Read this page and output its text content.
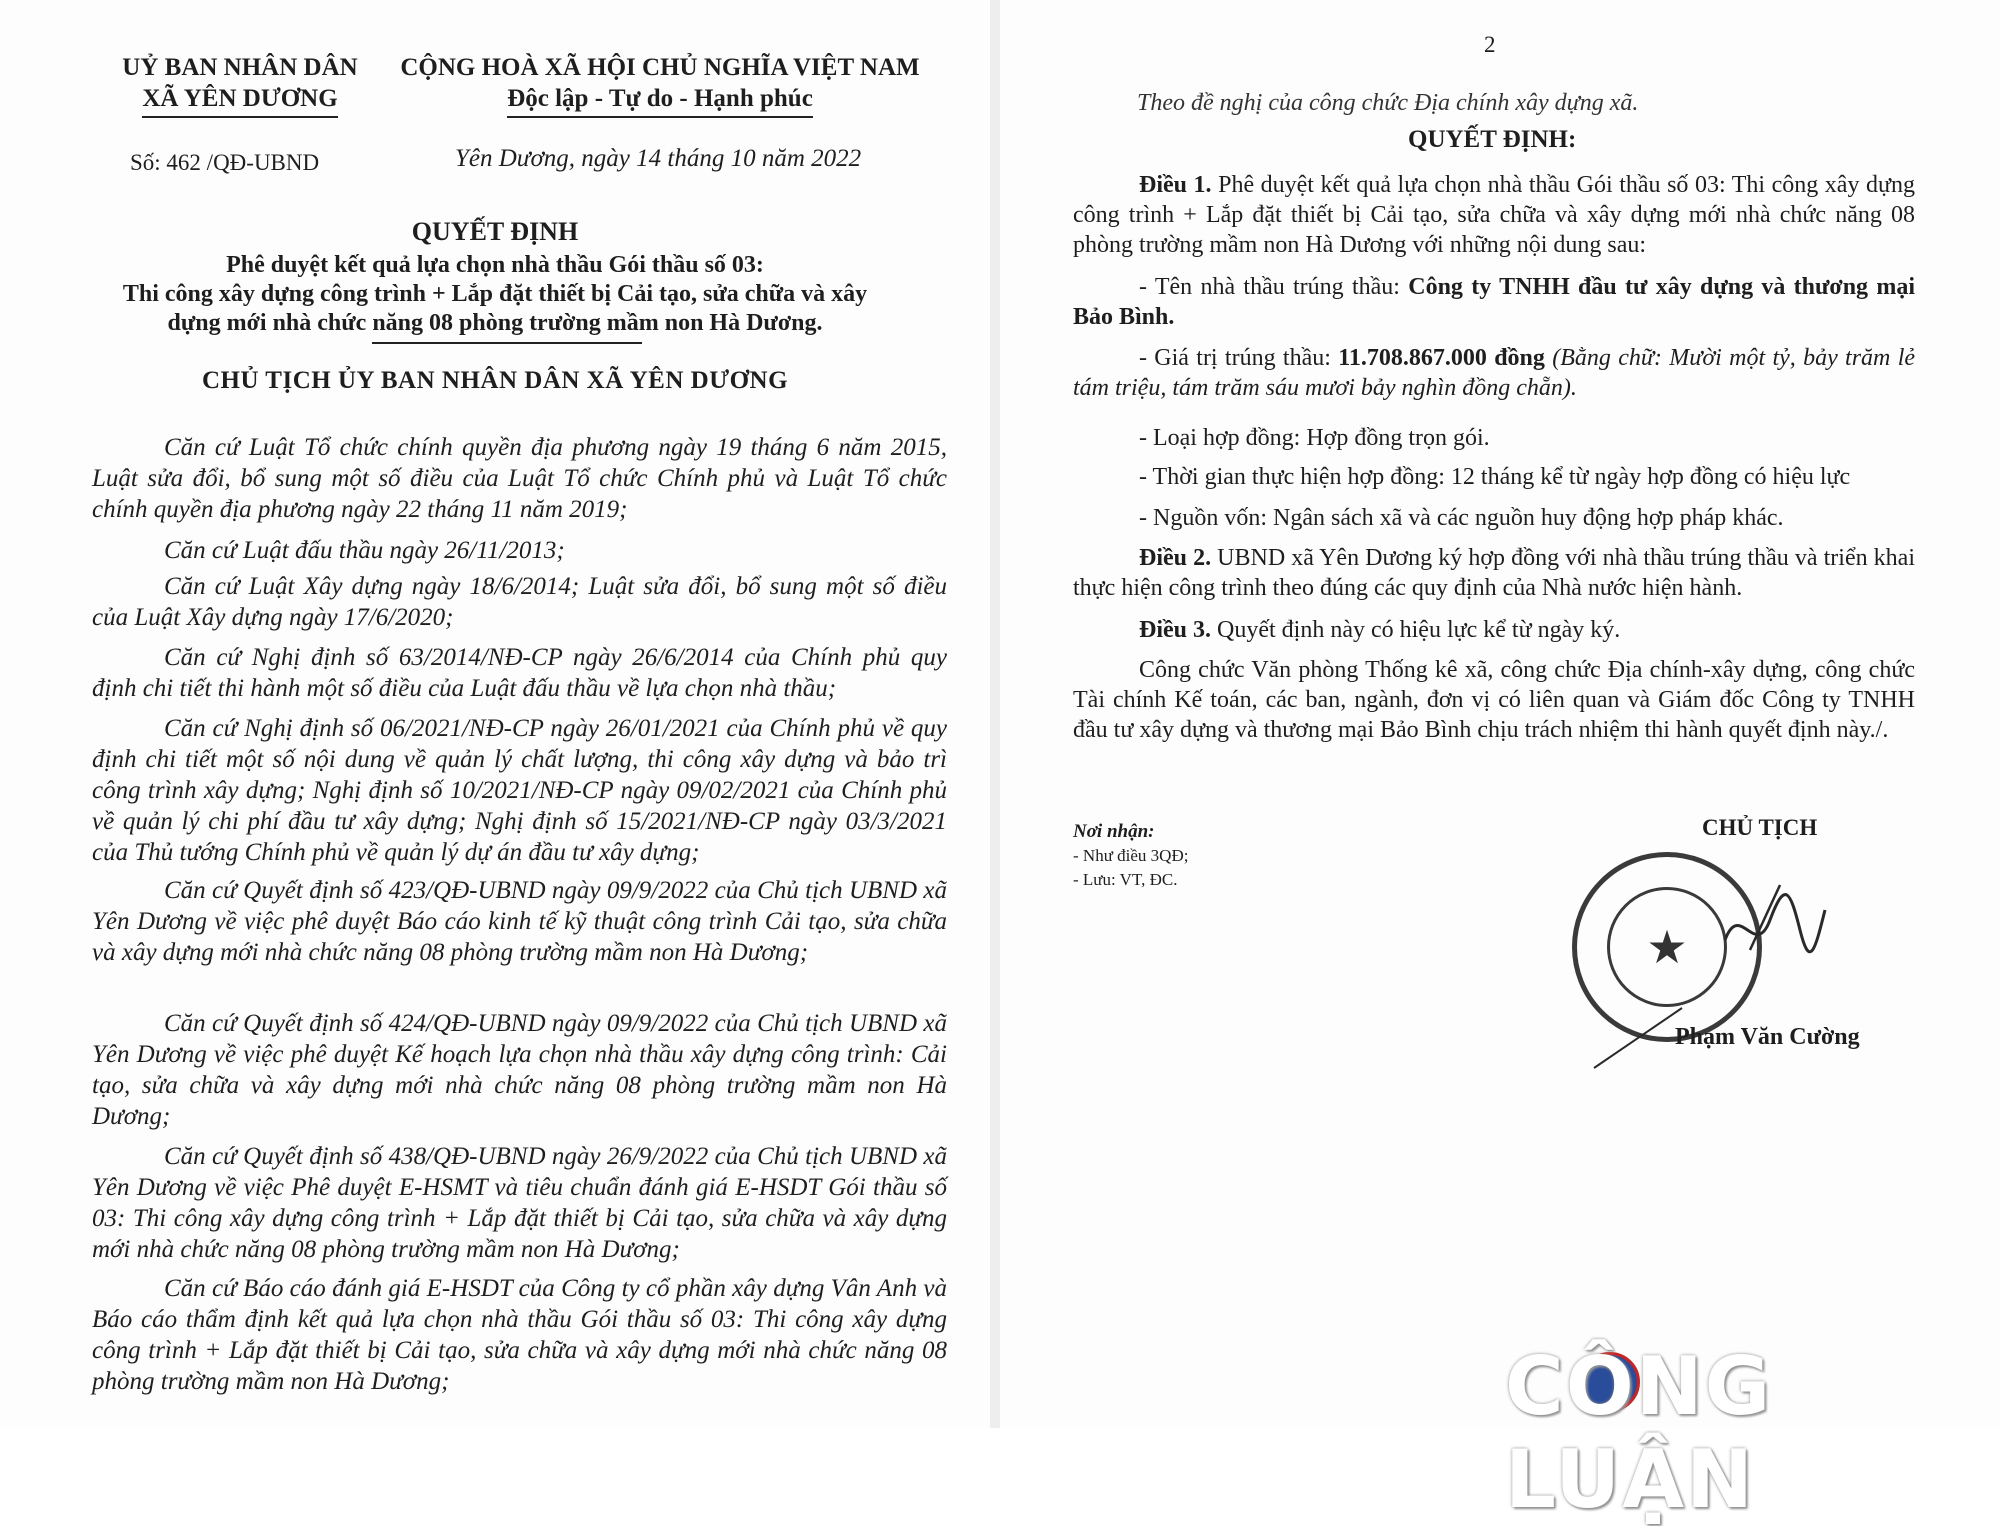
UỶ BAN NHÂN DÂN
XÃ YÊN DƯƠNG
CỘNG HOÀ XÃ HỘI CHỦ NGHĨA VIỆT NAM
Độc lập - Tự do - Hạnh phúc
Số: 462 /QĐ-UBND	Yên Dương, ngày 14 tháng 10 năm 2022
QUYẾT ĐỊNH
Phê duyệt kết quả lựa chọn nhà thầu Gói thầu số 03:
Thi công xây dựng công trình + Lắp đặt thiết bị Cải tạo, sửa chữa và xây
dựng mới nhà chức năng 08 phòng trường mầm non Hà Dương.
CHỦ TỊCH ỦY BAN NHÂN DÂN XÃ YÊN DƯƠNG
Căn cứ Luật Tổ chức chính quyền địa phương ngày 19 tháng 6 năm 2015, Luật sửa đổi, bổ sung một số điều của Luật Tổ chức Chính phủ và Luật Tổ chức chính quyền địa phương ngày 22 tháng 11 năm 2019;
Căn cứ Luật đấu thầu ngày 26/11/2013;
Căn cứ Luật Xây dựng ngày 18/6/2014; Luật sửa đổi, bổ sung một số điều của Luật Xây dựng ngày 17/6/2020;
Căn cứ Nghị định số 63/2014/NĐ-CP ngày 26/6/2014 của Chính phủ quy định chi tiết thi hành một số điều của Luật đấu thầu về lựa chọn nhà thầu;
Căn cứ Nghị định số 06/2021/NĐ-CP ngày 26/01/2021 của Chính phủ về quy định chi tiết một số nội dung về quản lý chất lượng, thi công xây dựng và bảo trì công trình xây dựng; Nghị định số 10/2021/NĐ-CP ngày 09/02/2021 của Chính phủ về quản lý chi phí đầu tư xây dựng; Nghị định số 15/2021/NĐ-CP ngày 03/3/2021 của Thủ tướng Chính phủ về quản lý dự án đầu tư xây dựng;
Căn cứ Quyết định số 423/QĐ-UBND ngày 09/9/2022 của Chủ tịch UBND xã Yên Dương về việc phê duyệt Báo cáo kinh tế kỹ thuật công trình Cải tạo, sửa chữa và xây dựng mới nhà chức năng 08 phòng trường mầm non Hà Dương;
Căn cứ Quyết định số 424/QĐ-UBND ngày 09/9/2022 của Chủ tịch UBND xã Yên Dương về việc phê duyệt Kế hoạch lựa chọn nhà thầu xây dựng công trình: Cải tạo, sửa chữa và xây dựng mới nhà chức năng 08 phòng trường mầm non Hà Dương;
Căn cứ Quyết định số 438/QĐ-UBND ngày 26/9/2022 của Chủ tịch UBND xã Yên Dương về việc Phê duyệt E-HSMT và tiêu chuẩn đánh giá E-HSDT Gói thầu số 03: Thi công xây dựng công trình + Lắp đặt thiết bị Cải tạo, sửa chữa và xây dựng mới nhà chức năng 08 phòng trường mầm non Hà Dương;
Căn cứ Báo cáo đánh giá E-HSDT của Công ty cổ phần xây dựng Vân Anh và Báo cáo thẩm định kết quả lựa chọn nhà thầu Gói thầu số 03: Thi công xây dựng công trình + Lắp đặt thiết bị Cải tạo, sửa chữa và xây dựng mới nhà chức năng 08 phòng trường mầm non Hà Dương;
2
Theo đề nghị của công chức Địa chính xây dựng xã.
QUYẾT ĐỊNH:
Điều 1. Phê duyệt kết quả lựa chọn nhà thầu Gói thầu số 03: Thi công xây dựng công trình + Lắp đặt thiết bị Cải tạo, sửa chữa và xây dựng mới nhà chức năng 08 phòng trường mầm non Hà Dương với những nội dung sau:
- Tên nhà thầu trúng thầu: Công ty TNHH đầu tư xây dựng và thương mại Bảo Bình.
- Giá trị trúng thầu: 11.708.867.000 đồng (Bằng chữ: Mười một tỷ, bảy trăm lẻ tám triệu, tám trăm sáu mươi bảy nghìn đồng chẵn).
- Loại hợp đồng: Hợp đồng trọn gói.
- Thời gian thực hiện hợp đồng: 12 tháng kể từ ngày hợp đồng có hiệu lực
- Nguồn vốn: Ngân sách xã và các nguồn huy động hợp pháp khác.
Điều 2. UBND xã Yên Dương ký hợp đồng với nhà thầu trúng thầu và triển khai thực hiện công trình theo đúng các quy định của Nhà nước hiện hành.
Điều 3. Quyết định này có hiệu lực kể từ ngày ký.
Công chức Văn phòng Thống kê xã, công chức Địa chính-xây dựng, công chức Tài chính Kế toán, các ban, ngành, đơn vị có liên quan và Giám đốc Công ty TNHH đầu tư xây dựng và thương mại Bảo Bình chịu trách nhiệm thi hành quyết định này./.
Nơi nhận:
- Như điều 3QĐ;
- Lưu: VT, ĐC.
CHỦ TỊCH
★
Phạm Văn Cường
CÔNG LUẬN
